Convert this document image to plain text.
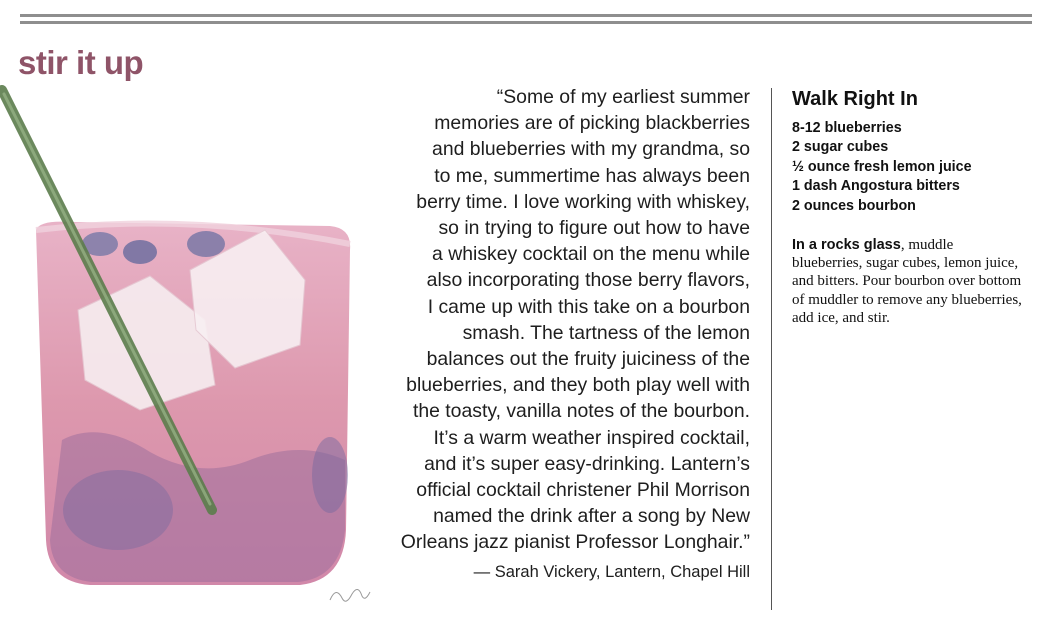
stir it up

“Some of my earliest summer
memories are of picking blackberries
and blueberries with my grandma, so
to me, summertime has always been
berry time. I love working with whiskey,
so in trying to figure out how to have
a whiskey cocktail on the menu while
also incorporating those berry flavors,
I came up with this take on a bourbon
smash. The tartness of the lemon
balances out the fruity juiciness of the
blueberries, and they both play well with
the toasty, vanilla notes of the bourbon.
It’s a warm weather inspired cocktail,
and it’s super easy-drinking. Lantern’s
official cocktail christener Phil Morrison
named the drink after a song by New
Orleans jazz pianist Professor Longhair.”

— Sarah Vickery, Lantern, Chapel Hill

Walk Right In
8-12 blueberries
2 sugar cubes
½ ounce fresh lemon juice
1 dash Angostura bitters
2 ounces bourbon

In a rocks glass, muddle blueberries, sugar cubes, lemon juice, and bitters. Pour bourbon over bottom of muddler to remove any blueberries, add ice, and stir.
